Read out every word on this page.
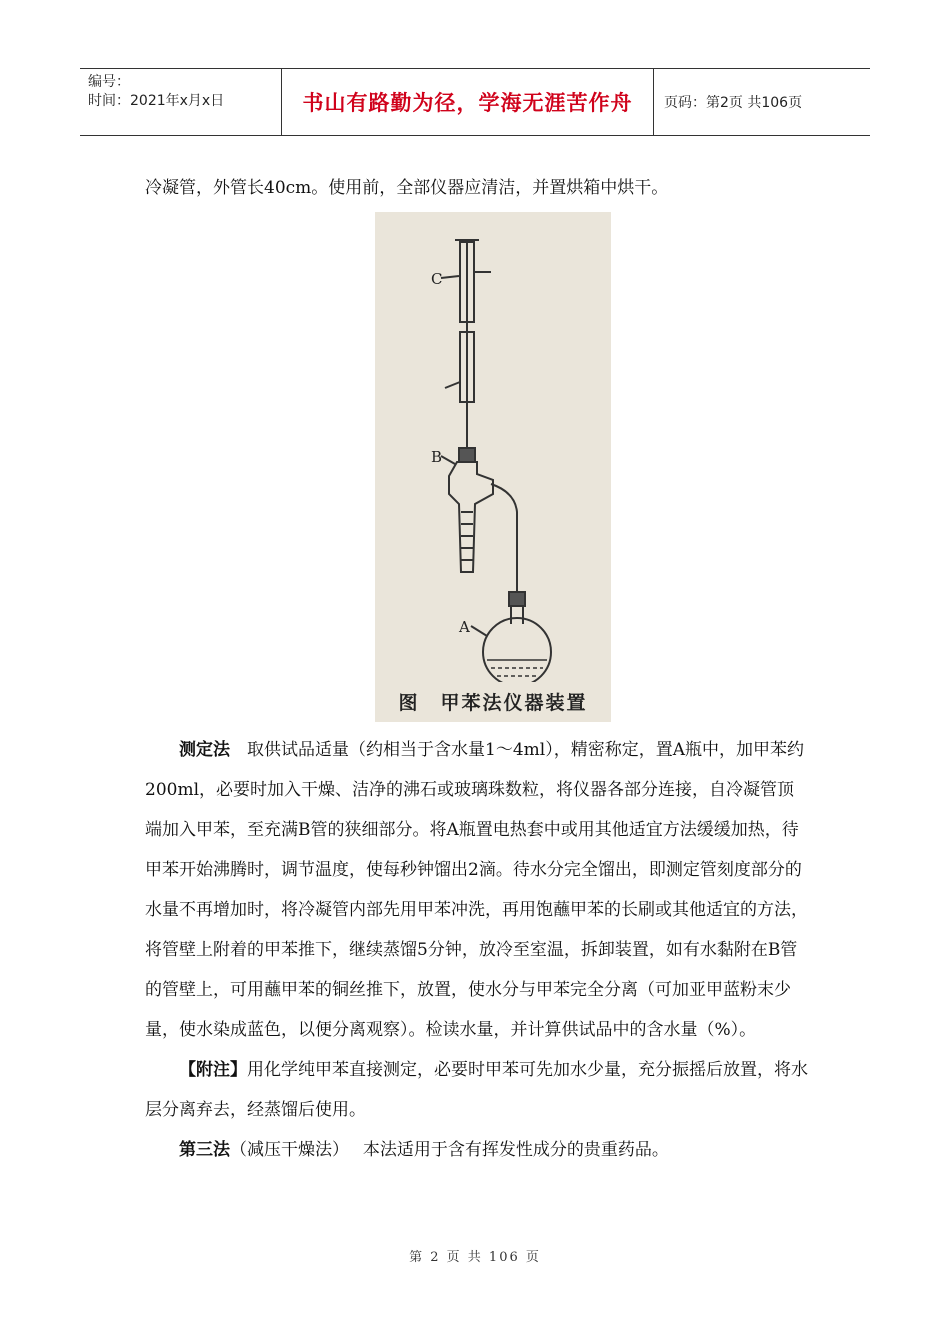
编号：
时间：2021年x月x日	书山有路勤为径，学海无涯苦作舟	页码：第2页 共106页

冷凝管，外管长40cm。使用前，全部仪器应清洁，并置烘箱中烘干。

C
B
A
图　甲苯法仪器装置

测定法　取供试品适量（约相当于含水量1～4ml），精密称定，置A瓶中，加甲苯约200ml，必要时加入干燥、洁净的沸石或玻璃珠数粒，将仪器各部分连接，自冷凝管顶端加入甲苯，至充满B管的狭细部分。将A瓶置电热套中或用其他适宜方法缓缓加热，待甲苯开始沸腾时，调节温度，使每秒钟馏出2滴。待水分完全馏出，即测定管刻度部分的水量不再增加时，将冷凝管内部先用甲苯冲洗，再用饱蘸甲苯的长刷或其他适宜的方法，将管壁上附着的甲苯推下，继续蒸馏5分钟，放冷至室温，拆卸装置，如有水黏附在B管的管壁上，可用蘸甲苯的铜丝推下，放置，使水分与甲苯完全分离（可加亚甲蓝粉末少量，使水染成蓝色，以便分离观察）。检读水量，并计算供试品中的含水量（%）。

【附注】用化学纯甲苯直接测定，必要时甲苯可先加水少量，充分振摇后放置，将水层分离弃去，经蒸馏后使用。

第三法（减压干燥法）　 本法适用于含有挥发性成分的贵重药品。

第 2 页 共 106 页
